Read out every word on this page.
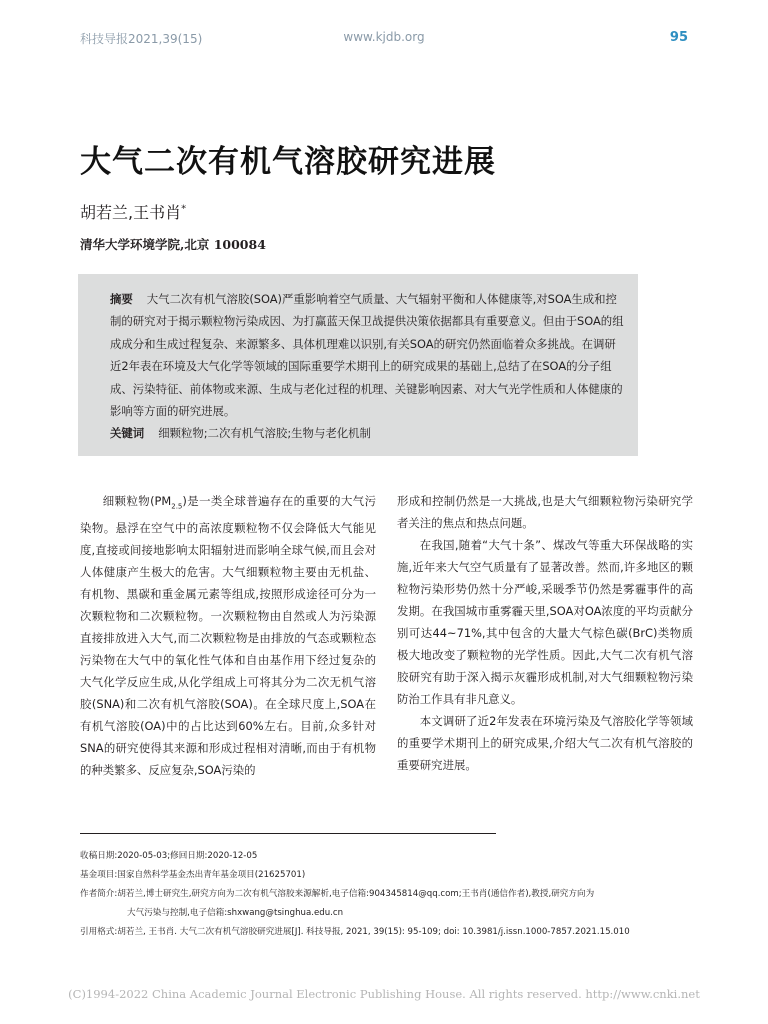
科技导报2021,39(15)	www.kjdb.org	95
大气二次有机气溶胶研究进展
胡若兰,王书肖*
清华大学环境学院,北京 100084
摘要 大气二次有机气溶胶(SOA)严重影响着空气质量、大气辐射平衡和人体健康等,对SOA生成和控制的研究对于揭示颗粒物污染成因、为打赢蓝天保卫战提供决策依据都具有重要意义。但由于SOA的组成成分和生成过程复杂、来源繁多、具体机理难以识别,有关SOA的研究仍然面临着众多挑战。在调研近2年表在环境及大气化学等领域的国际重要学术期刊上的研究成果的基础上,总结了在SOA的分子组成、污染特征、前体物或来源、生成与老化过程的机理、关键影响因素、对大气光学性质和人体健康的影响等方面的研究进展。
关键词 细颗粒物;二次有机气溶胶;生物与老化机制

细颗粒物$(PM_{2.5})$是一类全球普遍存在的重要的大气污染物。悬浮在空气中的高浓度颗粒物不仅会降低大气能见度,直接或间接地影响太阳辐射进而影响全球气候,而且会对人体健康产生极大的危害。大气细颗粒物主要由无机盐、有机物、黑碳和重金属元素等组成,按照形成途径可分为一次颗粒物和二次颗粒物。一次颗粒物由自然或人为污染源直接排放进入大气,而二次颗粒物是由排放的气态或颗粒态污染物在大气中的氧化性气体和自由基作用下经过复杂的大气化学反应生成,从化学组成上可将其分为二次无机气溶胶(SNA)和二次有机气溶胶(SOA)。在全球尺度上,SOA在有机气溶胶(OA)中的占比达到60%左右。目前,众多针对SNA的研究使得其来源和形成过程相对清晰,而由于有机物的种类繁多、反应复杂,SOA污染的

形成和控制仍然是一大挑战,也是大气细颗粒物污染研究学者关注的焦点和热点问题。

在我国,随着“大气十条”、煤改气等重大环保战略的实施,近年来大气空气质量有了显著改善。然而,许多地区的颗粒物污染形势仍然十分严峻,采暖季节仍然是雾霾事件的高发期。在我国城市重雾霾天里,SOA对OA浓度的平均贡献分别可达44~71%,其中包含的大量大气棕色碳(BrC)类物质极大地改变了颗粒物的光学性质。因此,大气二次有机气溶胶研究有助于深入揭示灰霾形成机制,对大气细颗粒物污染防治工作具有非凡意义。

本文调研了近2年发表在环境污染及气溶胶化学等领域的重要学术期刊上的研究成果,介绍大气二次有机气溶胶的重要研究进展。

收稿日期:2020-05-03;修回日期:2020-12-05
基金项目:国家自然科学基金杰出青年基金项目(21625701)
作者简介:胡若兰,博士研究生,研究方向为二次有机气溶胶来源解析,电子信箱:904345814@qq.com;王书肖(通信作者),教授,研究方向为
大气污染与控制,电子信箱:shxwang@tsinghua.edu.cn
引用格式:胡若兰, 王书肖. 大气二次有机气溶胶研究进展[J]. 科技导报, 2021, 39(15): 95-109; doi: 10.3981/j.issn.1000-7857.2021.15.010
(C)1994-2022 China Academic Journal Electronic Publishing House. All rights reserved. http://www.cnki.net
